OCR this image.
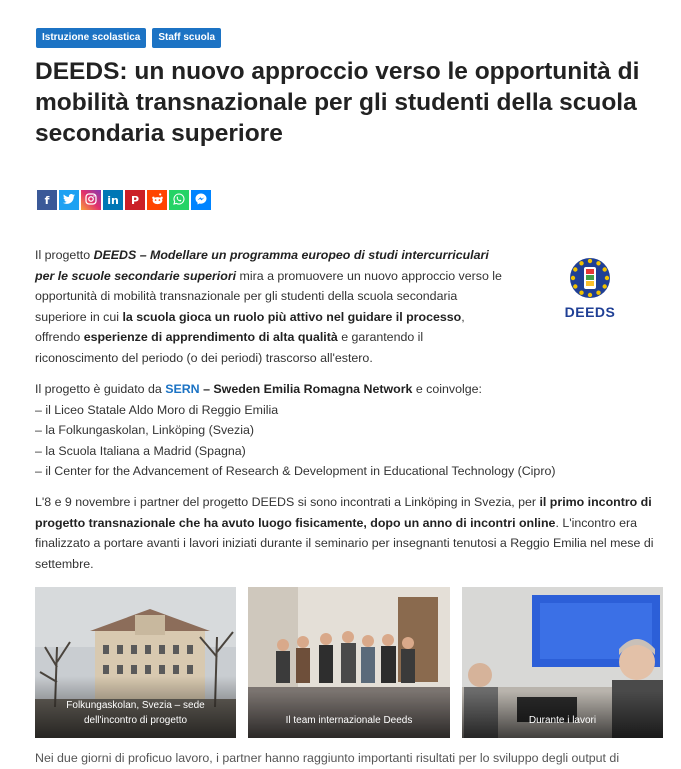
Istruzione scolastica	Staff scuola
DEEDS: un nuovo approccio verso le opportunità di mobilità transnazionale per gli studenti della scuola secondaria superiore
f	in P

Il progetto DEEDS – Modellare un programma europeo di studi intercurriculari per le scuole secondarie superiori mira a promuovere un nuovo approccio verso le opportunità di mobilità transnazionale per gli studenti della scuola secondaria superiore in cui la scuola gioca un ruolo più attivo nel guidare il processo, offrendo esperienze di apprendimento di alta qualità e garantendo il riconoscimento del periodo (o dei periodi) trascorso all'estero.

DEEDS

Il progetto è guidato da SERN – Sweden Emilia Romagna Network e coinvolge:
– il Liceo Statale Aldo Moro di Reggio Emilia
– la Folkungaskolan, Linköping (Svezia)
– la Scuola Italiana a Madrid (Spagna)
– il Center for the Advancement of Research & Development in Educational Technology (Cipro)

L'8 e 9 novembre i partner del progetto DEEDS si sono incontrati a Linköping in Svezia, per il primo incontro di progetto transnazionale che ha avuto luogo fisicamente, dopo un anno di incontri online. L'incontro era finalizzato a portare avanti i lavori iniziati durante il seminario per insegnanti tenutosi a Reggio Emilia nel mese di settembre.

Folkungaskolan, Svezia – sede dell'incontro di progetto	Il team internazionale Deeds	Durante i lavori

Nei due giorni di proficuo lavoro, i partner hanno raggiunto importanti risultati per lo sviluppo degli output di
